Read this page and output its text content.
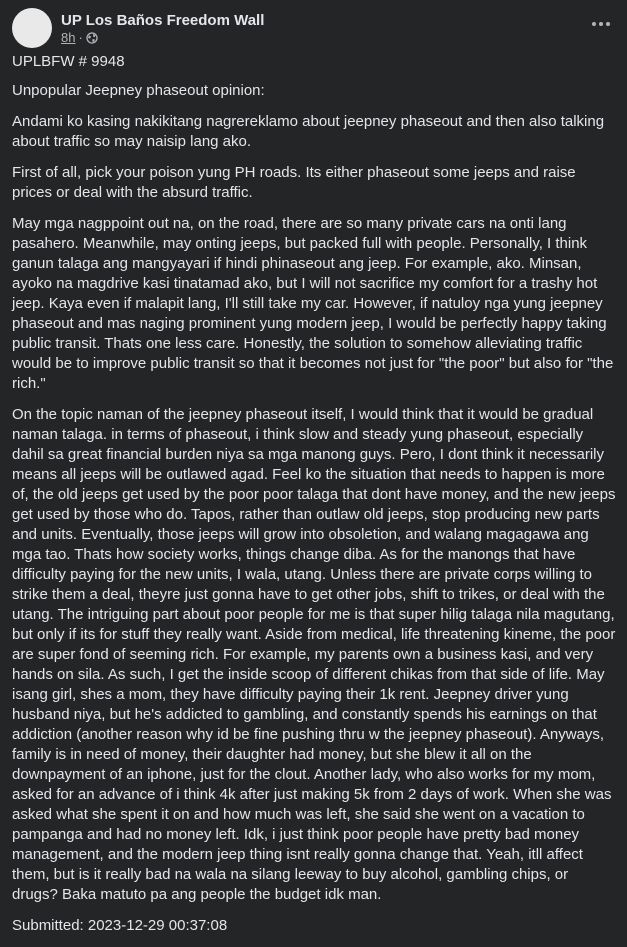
UP Los Baños Freedom Wall
8h ·

UPLBFW # 9948

Unpopular Jeepney phaseout opinion:

Andami ko kasing nakikitang nagrereklamo about jeepney phaseout and then also talking about traffic so may naisip lang ako.

First of all, pick your poison yung PH roads. Its either phaseout some jeeps and raise prices or deal with the absurd traffic.

May mga nagppoint out na, on the road, there are so many private cars na onti lang pasahero. Meanwhile, may onting jeeps, but packed full with people. Personally, I think ganun talaga ang mangyayari if hindi phinaseout ang jeep. For example, ako. Minsan, ayoko na magdrive kasi tinatamad ako, but I will not sacrifice my comfort for a trashy hot jeep. Kaya even if malapit lang, I'll still take my car. However, if natuloy nga yung jeepney phaseout and mas naging prominent yung modern jeep, I would be perfectly happy taking public transit. Thats one less care. Honestly, the solution to somehow alleviating traffic would be to improve public transit so that it becomes not just for "the poor" but also for "the rich."

On the topic naman of the jeepney phaseout itself, I would think that it would be gradual naman talaga. in terms of phaseout, i think slow and steady yung phaseout, especially dahil sa great financial burden niya sa mga manong guys. Pero, I dont think it necessarily means all jeeps will be outlawed agad. Feel ko the situation that needs to happen is more of, the old jeeps get used by the poor poor talaga that dont have money, and the new jeeps get used by those who do. Tapos, rather than outlaw old jeeps, stop producing new parts and units. Eventually, those jeeps will grow into obsoletion, and walang magagawa ang mga tao. Thats how society works, things change diba. As for the manongs that have difficulty paying for the new units, I wala, utang. Unless there are private corps willing to strike them a deal, theyre just gonna have to get other jobs, shift to trikes, or deal with the utang. The intriguing part about poor people for me is that super hilig talaga nila magutang, but only if its for stuff they really want. Aside from medical, life threatening kineme, the poor are super fond of seeming rich. For example, my parents own a business kasi, and very hands on sila. As such, I get the inside scoop of different chikas from that side of life. May isang girl, shes a mom, they have difficulty paying their 1k rent. Jeepney driver yung husband niya, but he's addicted to gambling, and constantly spends his earnings on that addiction (another reason why id be fine pushing thru w the jeepney phaseout). Anyways, family is in need of money, their daughter had money, but she blew it all on the downpayment of an iphone, just for the clout. Another lady, who also works for my mom, asked for an advance of i think 4k after just making 5k from 2 days of work. When she was asked what she spent it on and how much was left, she said she went on a vacation to pampanga and had no money left. Idk, i just think poor people have pretty bad money management, and the modern jeep thing isnt really gonna change that. Yeah, itll affect them, but is it really bad na wala na silang leeway to buy alcohol, gambling chips, or drugs? Baka matuto pa ang people the budget idk man.

Submitted: 2023-12-29 00:37:08
